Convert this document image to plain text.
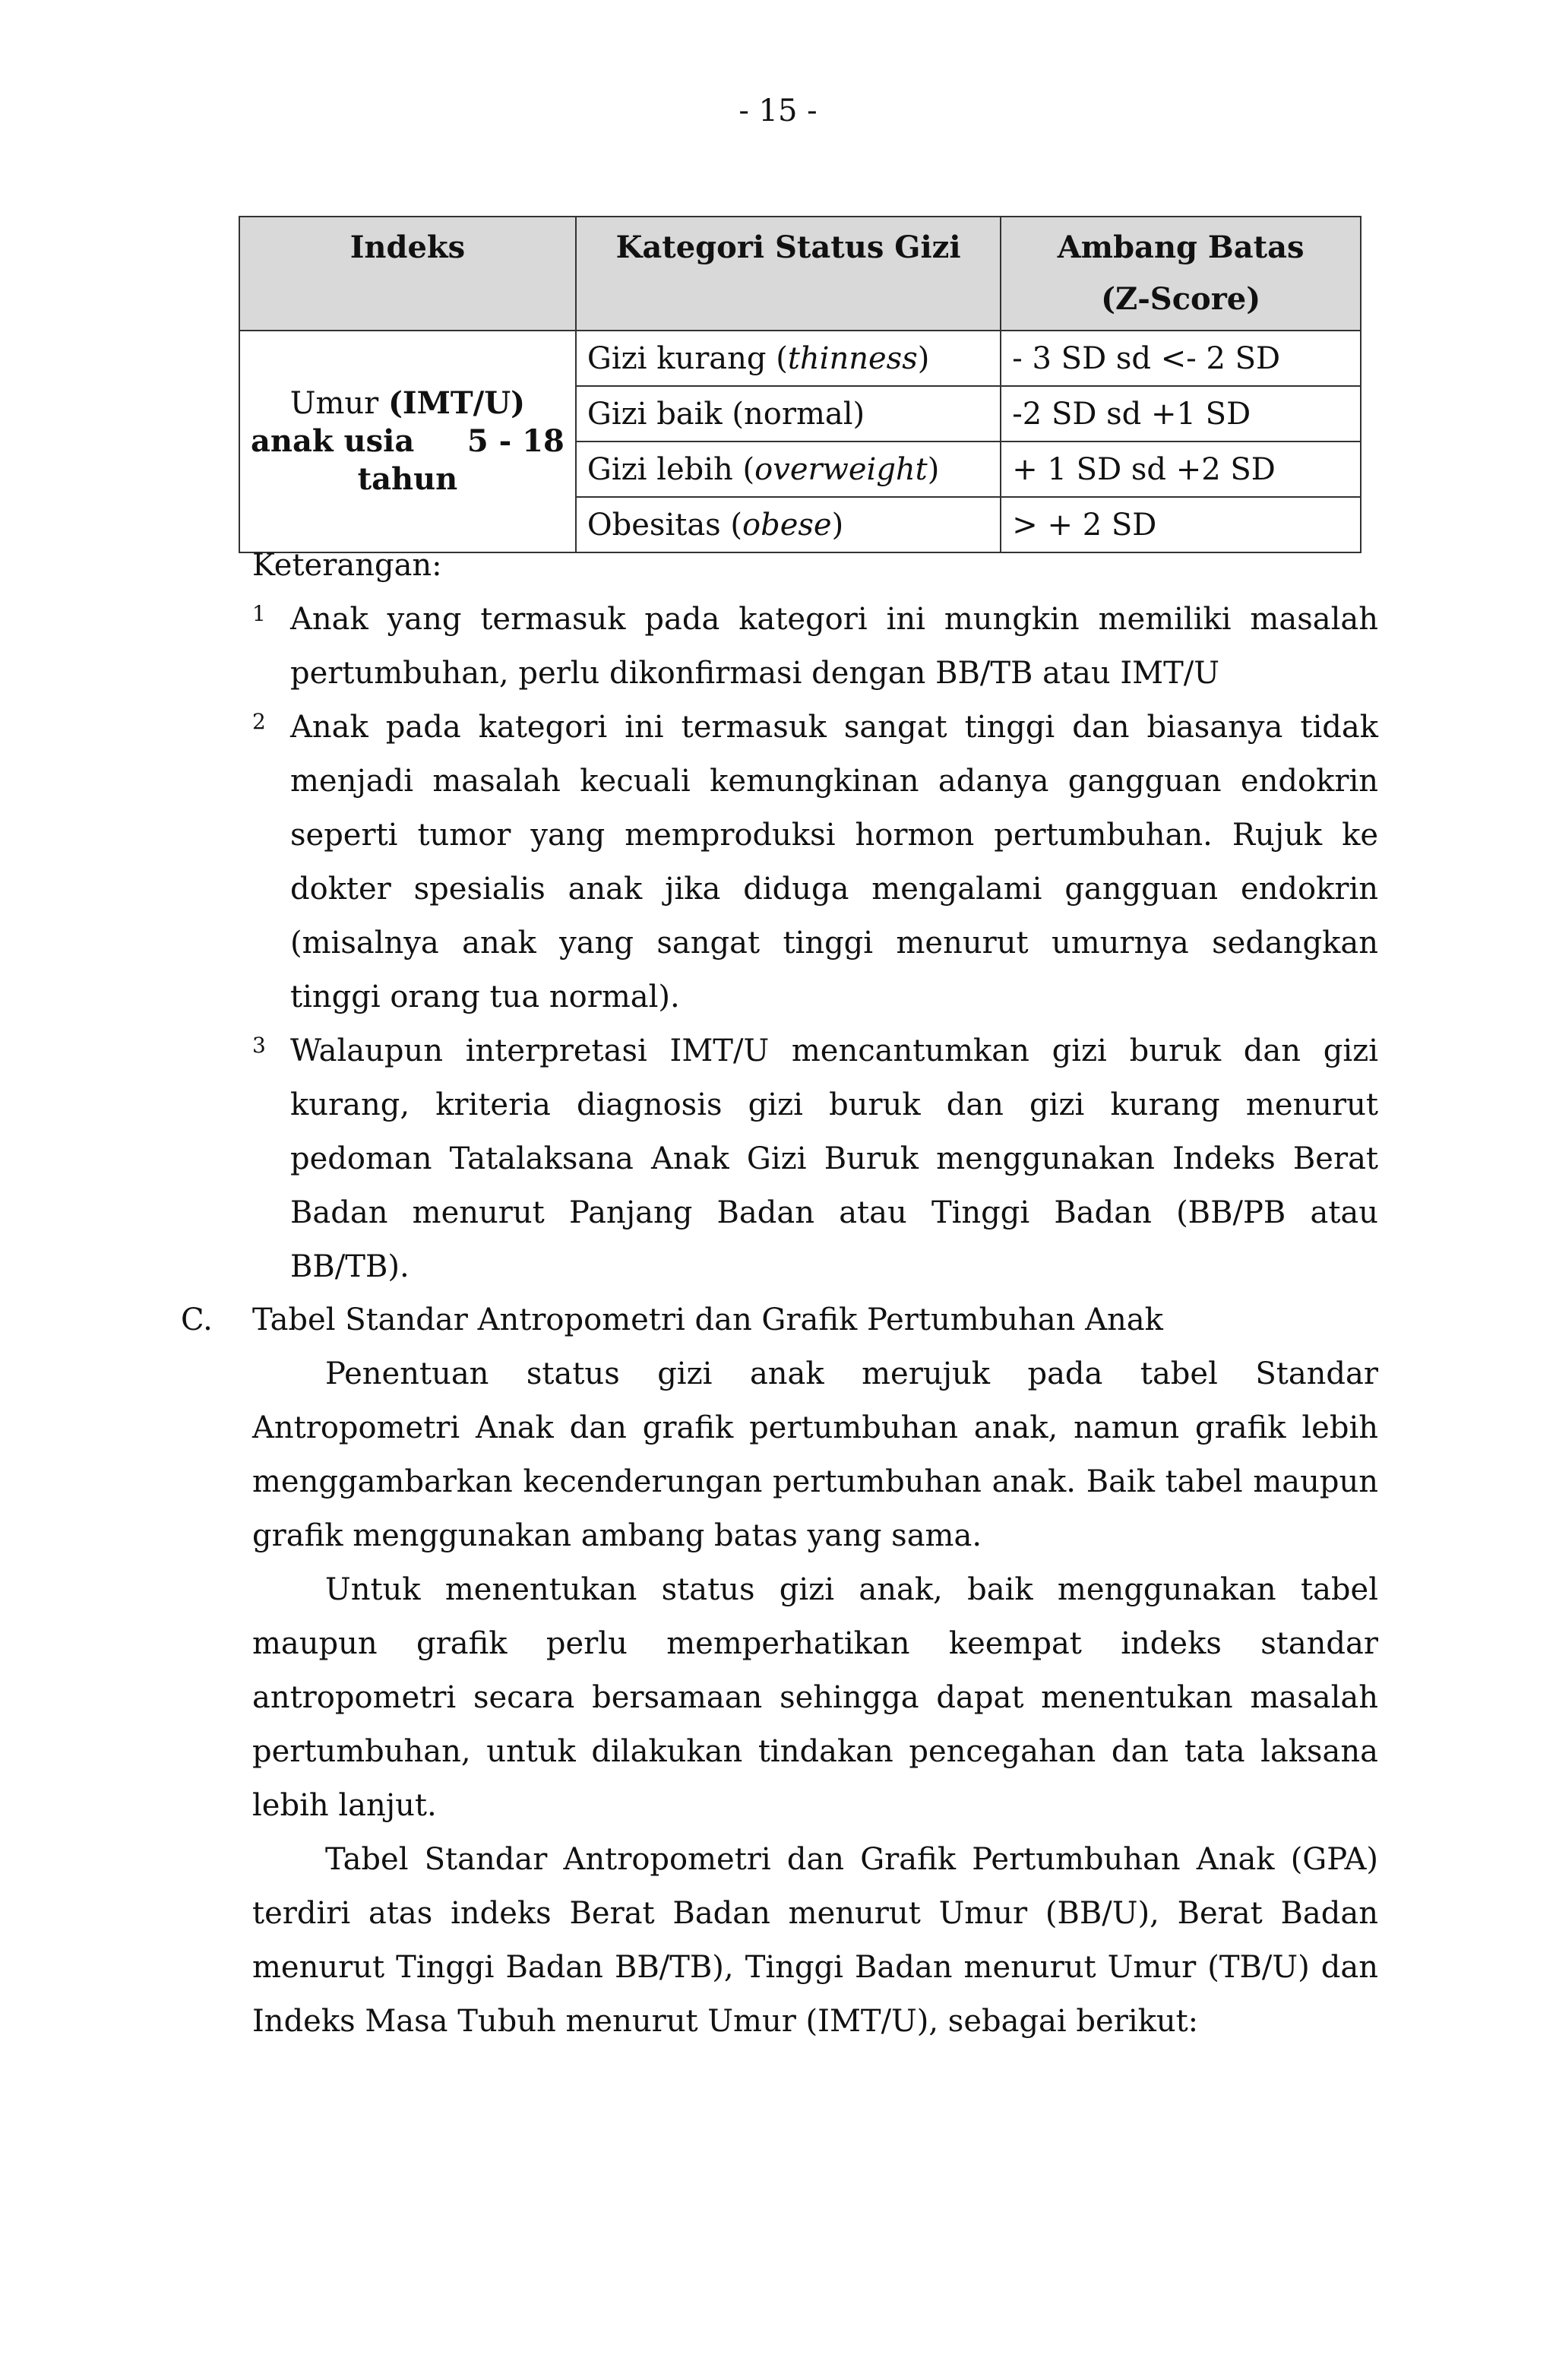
- 15 -
Indeks	Kategori Status Gizi	Ambang Batas
(Z-Score)

Umur (IMT/U)
anak usia     5 - 18
tahun	Gizi kurang (thinness)	- 3 SD sd <- 2 SD
	Gizi baik (normal)	-2 SD sd +1 SD
	Gizi lebih (overweight)	+ 1 SD sd +2 SD
	Obesitas (obese)	> + 2 SD
Keterangan:

1 Anak yang termasuk pada kategori ini mungkin memiliki masalah pertumbuhan, perlu dikonfirmasi dengan BB/TB atau IMT/U

2 Anak pada kategori ini termasuk sangat tinggi dan biasanya tidak menjadi masalah kecuali kemungkinan adanya gangguan endokrin seperti tumor yang memproduksi hormon pertumbuhan. Rujuk ke dokter spesialis anak jika diduga mengalami gangguan endokrin (misalnya anak yang sangat tinggi menurut umurnya sedangkan tinggi orang tua normal).

3 Walaupun interpretasi IMT/U mencantumkan gizi buruk dan gizi kurang, kriteria diagnosis gizi buruk dan gizi kurang menurut pedoman Tatalaksana Anak Gizi Buruk menggunakan Indeks Berat Badan menurut Panjang Badan atau Tinggi Badan (BB/PB atau BB/TB).

C. Tabel Standar Antropometri dan Grafik Pertumbuhan Anak

Penentuan status gizi anak merujuk pada tabel Standar Antropometri Anak dan grafik pertumbuhan anak, namun grafik lebih menggambarkan kecenderungan pertumbuhan anak. Baik tabel maupun grafik menggunakan ambang batas yang sama.

Untuk menentukan status gizi anak, baik menggunakan tabel maupun grafik perlu memperhatikan keempat indeks standar antropometri secara bersamaan sehingga dapat menentukan masalah pertumbuhan, untuk dilakukan tindakan pencegahan dan tata laksana lebih lanjut.

Tabel Standar Antropometri dan Grafik Pertumbuhan Anak (GPA) terdiri atas indeks Berat Badan menurut Umur (BB/U), Berat Badan menurut Tinggi Badan BB/TB), Tinggi Badan menurut Umur (TB/U) dan Indeks Masa Tubuh menurut Umur (IMT/U), sebagai berikut:
